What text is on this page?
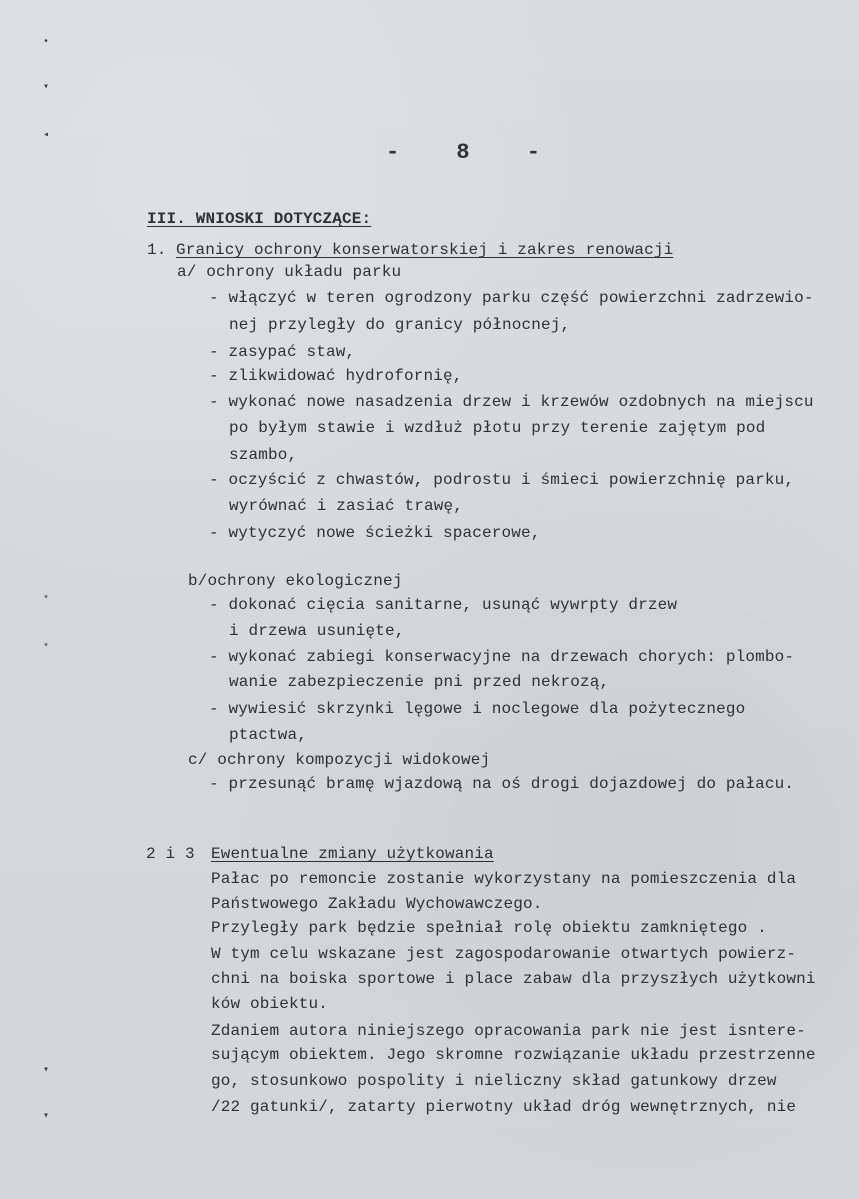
•
▾
◂
*
*
▾
▾
- 8 -
III. WNIOSKI DOTYCZĄCE:
1. Granicy ochrony konserwatorskiej i zakres renowacji
a/ ochrony układu parku
- włączyć w teren ogrodzony parku część powierzchni zadrzewio-
nej przyległy do granicy północnej,
- zasypać staw,
- zlikwidować hydrofornię,
- wykonać nowe nasadzenia drzew i krzewów ozdobnych na miejscu
po byłym stawie i wzdłuż płotu przy terenie zajętym pod
szambo,
- oczyścić z chwastów, podrostu i śmieci powierzchnię parku,
wyrównać i zasiać trawę,
- wytyczyć nowe ścieżki spacerowe,
b/ochrony ekologicznej
- dokonać cięcia sanitarne, usunąć wywrpty drzew
i drzewa usunięte,
- wykonać zabiegi konserwacyjne na drzewach chorych: plombo-
wanie zabezpieczenie pni przed nekrozą,
- wywiesić skrzynki lęgowe i noclegowe dla pożytecznego
ptactwa,
c/ ochrony kompozycji widokowej
- przesunąć bramę wjazdową na oś drogi dojazdowej do pałacu.
2 i 3 Ewentualne zmiany użytkowania
Pałac po remoncie zostanie wykorzystany na pomieszczenia dla
Państwowego Zakładu Wychowawczego.
Przyległy park będzie spełniał rolę obiektu zamkniętego .
W tym celu wskazane jest zagospodarowanie otwartych powierz-
chni na boiska sportowe i place zabaw dla przyszłych użytkowni
ków obiektu.
Zdaniem autora niniejszego opracowania park nie jest isntere-
sującym obiektem. Jego skromne rozwiązanie układu przestrzenne
go, stosunkowo pospolity i nieliczny skład gatunkowy drzew
/22 gatunki/, zatarty pierwotny układ dróg wewnętrznych, nie
